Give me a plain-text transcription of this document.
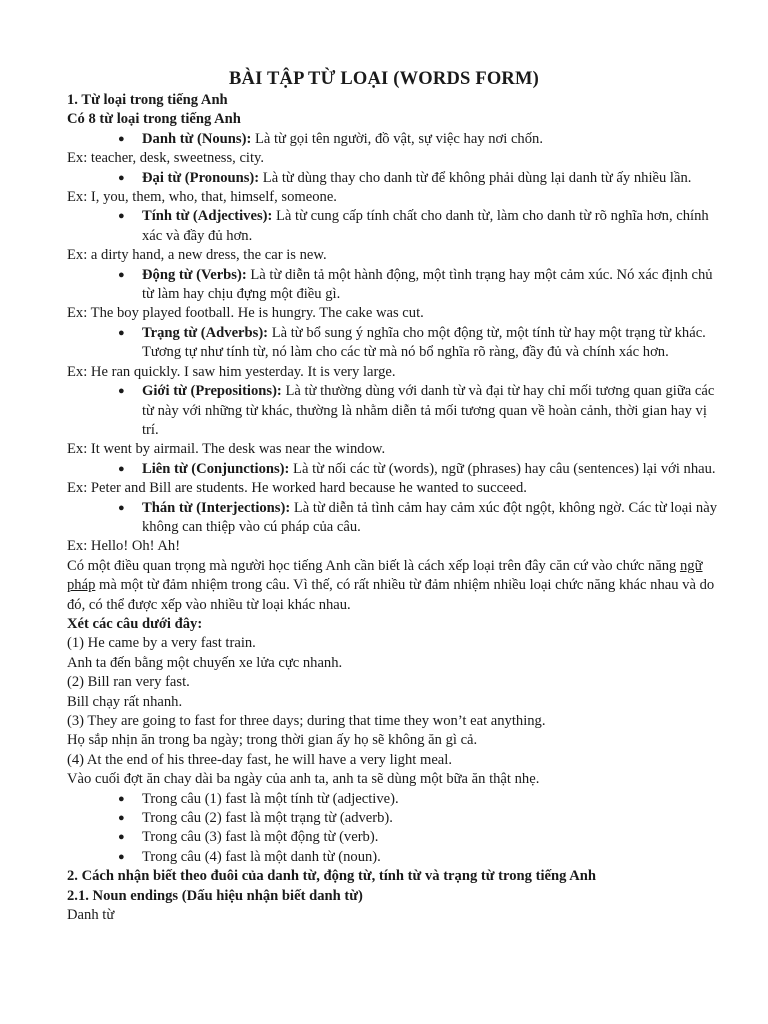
BÀI TẬP TỪ LOẠI (WORDS FORM)

1. Từ loại trong tiếng Anh

Có 8 từ loại trong tiếng Anh

● Danh từ (Nouns): Là từ gọi tên người, đồ vật, sự việc hay nơi chốn.

Ex: teacher, desk, sweetness, city.

● Đại từ (Pronouns): Là từ dùng thay cho danh từ để không phải dùng lại danh từ ấy nhiều lần.

Ex: I, you, them, who, that, himself, someone.

● Tính từ (Adjectives): Là từ cung cấp tính chất cho danh từ, làm cho danh từ rõ nghĩa hơn, chính xác và đầy đủ hơn.

Ex: a dirty hand, a new dress, the car is new.

● Động từ (Verbs): Là từ diễn tả một hành động, một tình trạng hay một cảm xúc. Nó xác định chủ từ làm hay chịu đựng một điều gì.

Ex: The boy played football. He is hungry. The cake was cut.

● Trạng từ (Adverbs): Là từ bổ sung ý nghĩa cho một động từ, một tính từ hay một trạng từ khác. Tương tự như tính từ, nó làm cho các từ mà nó bổ nghĩa rõ ràng, đầy đủ và chính xác hơn.

Ex: He ran quickly. I saw him yesterday. It is very large.

● Giới từ (Prepositions): Là từ thường dùng với danh từ và đại từ hay chỉ mối tương quan giữa các từ này với những từ khác, thường là nhằm diễn tả mối tương quan về hoàn cảnh, thời gian hay vị trí.

Ex: It went by airmail. The desk was near the window.

● Liên từ (Conjunctions): Là từ nối các từ (words), ngữ (phrases) hay câu (sentences) lại với nhau.

Ex: Peter and Bill are students. He worked hard because he wanted to succeed.

● Thán từ (Interjections): Là từ diễn tả tình cảm hay cảm xúc đột ngột, không ngờ. Các từ loại này không can thiệp vào cú pháp của câu.

Ex: Hello! Oh! Ah!

Có một điều quan trọng mà người học tiếng Anh cần biết là cách xếp loại trên đây căn cứ vào chức năng ngữ pháp mà một từ đảm nhiệm trong câu. Vì thế, có rất nhiều từ đảm nhiệm nhiều loại chức năng khác nhau và do đó, có thể được xếp vào nhiều từ loại khác nhau.

Xét các câu dưới đây:

(1) He came by a very fast train.

Anh ta đến bằng một chuyến xe lửa cực nhanh.

(2) Bill ran very fast.

Bill chạy rất nhanh.

(3) They are going to fast for three days; during that time they won’t eat anything.

Họ sắp nhịn ăn trong ba ngày; trong thời gian ấy họ sẽ không ăn gì cả.

(4) At the end of his three-day fast, he will have a very light meal.

Vào cuối đợt ăn chay dài ba ngày của anh ta, anh ta sẽ dùng một bữa ăn thật nhẹ.

● Trong câu (1) fast là một tính từ (adjective).

● Trong câu (2) fast là một trạng từ (adverb).

● Trong câu (3) fast là một động từ (verb).

● Trong câu (4) fast là một danh từ (noun).

2. Cách nhận biết theo đuôi của danh từ, động từ, tính từ và trạng từ trong tiếng Anh

2.1. Noun endings (Dấu hiệu nhận biết danh từ)

Danh từ
